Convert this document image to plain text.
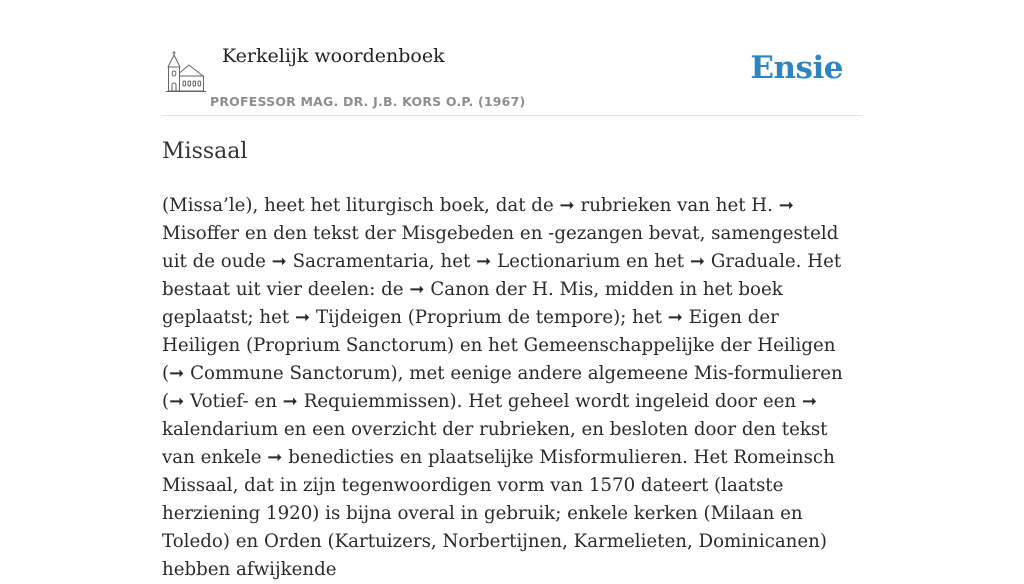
Kerkelijk woordenboek
PROFESSOR MAG. DR. J.B. KORS O.P. (1967)
Ensie
Missaal

(Missa’le), heet het liturgisch boek, dat de ➞ rubrieken van het H. ➞ Misoffer en den tekst der Misgebeden en -gezangen bevat, samengesteld uit de oude ➞ Sacramentaria, het ➞ Lectionarium en het ➞ Graduale. Het bestaat uit vier deelen: de ➞ Canon der H. Mis, midden in het boek geplaatst; het ➞ Tijdeigen (Proprium de tempore); het ➞ Eigen der Heiligen (Proprium Sanctorum) en het Gemeenschappelijke der Heiligen (➞ Commune Sanctorum), met eenige andere algemeene Mis-formulieren (➞ Votief- en ➞ Requiemmissen). Het geheel wordt ingeleid door een ➞ kalendarium en een overzicht der rubrieken, en besloten door den tekst van enkele ➞ benedicties en plaatselijke Misformulieren. Het Romeinsch Missaal, dat in zijn tegenwoordigen vorm van 1570 dateert (laatste herziening 1920) is bijna overal in gebruik; enkele kerken (Milaan en Toledo) en Orden (Kartuizers, Norbertijnen, Karmelieten, Dominicanen) hebben afwijkende
